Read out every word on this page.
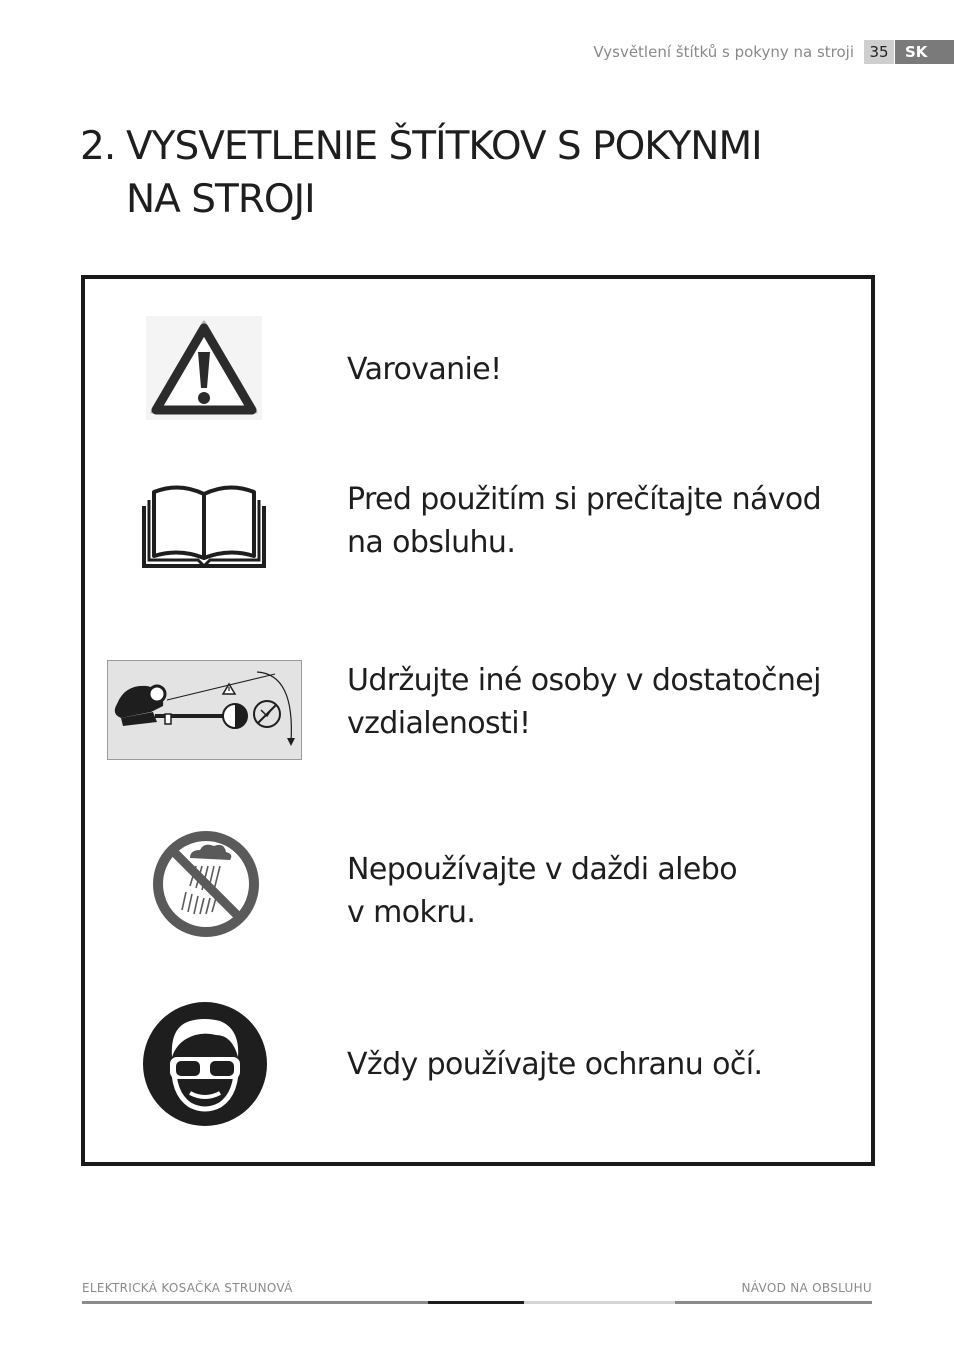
Vysvětlení štítků s pokyny na stroji	35	SK
2. VYSVETLENIE ŠTÍTKOV S POKYNMI
NA STROJI
Varovanie!
Pred použitím si prečítajte návod
na obsluhu.
Udržujte iné osoby v dostatočnej
vzdialenosti!
Nepoužívajte v daždi alebo
v mokru.
Vždy používajte ochranu očí.
ELEKTRICKÁ KOSAČKA STRUNOVÁ	NÁVOD NA OBSLUHU
